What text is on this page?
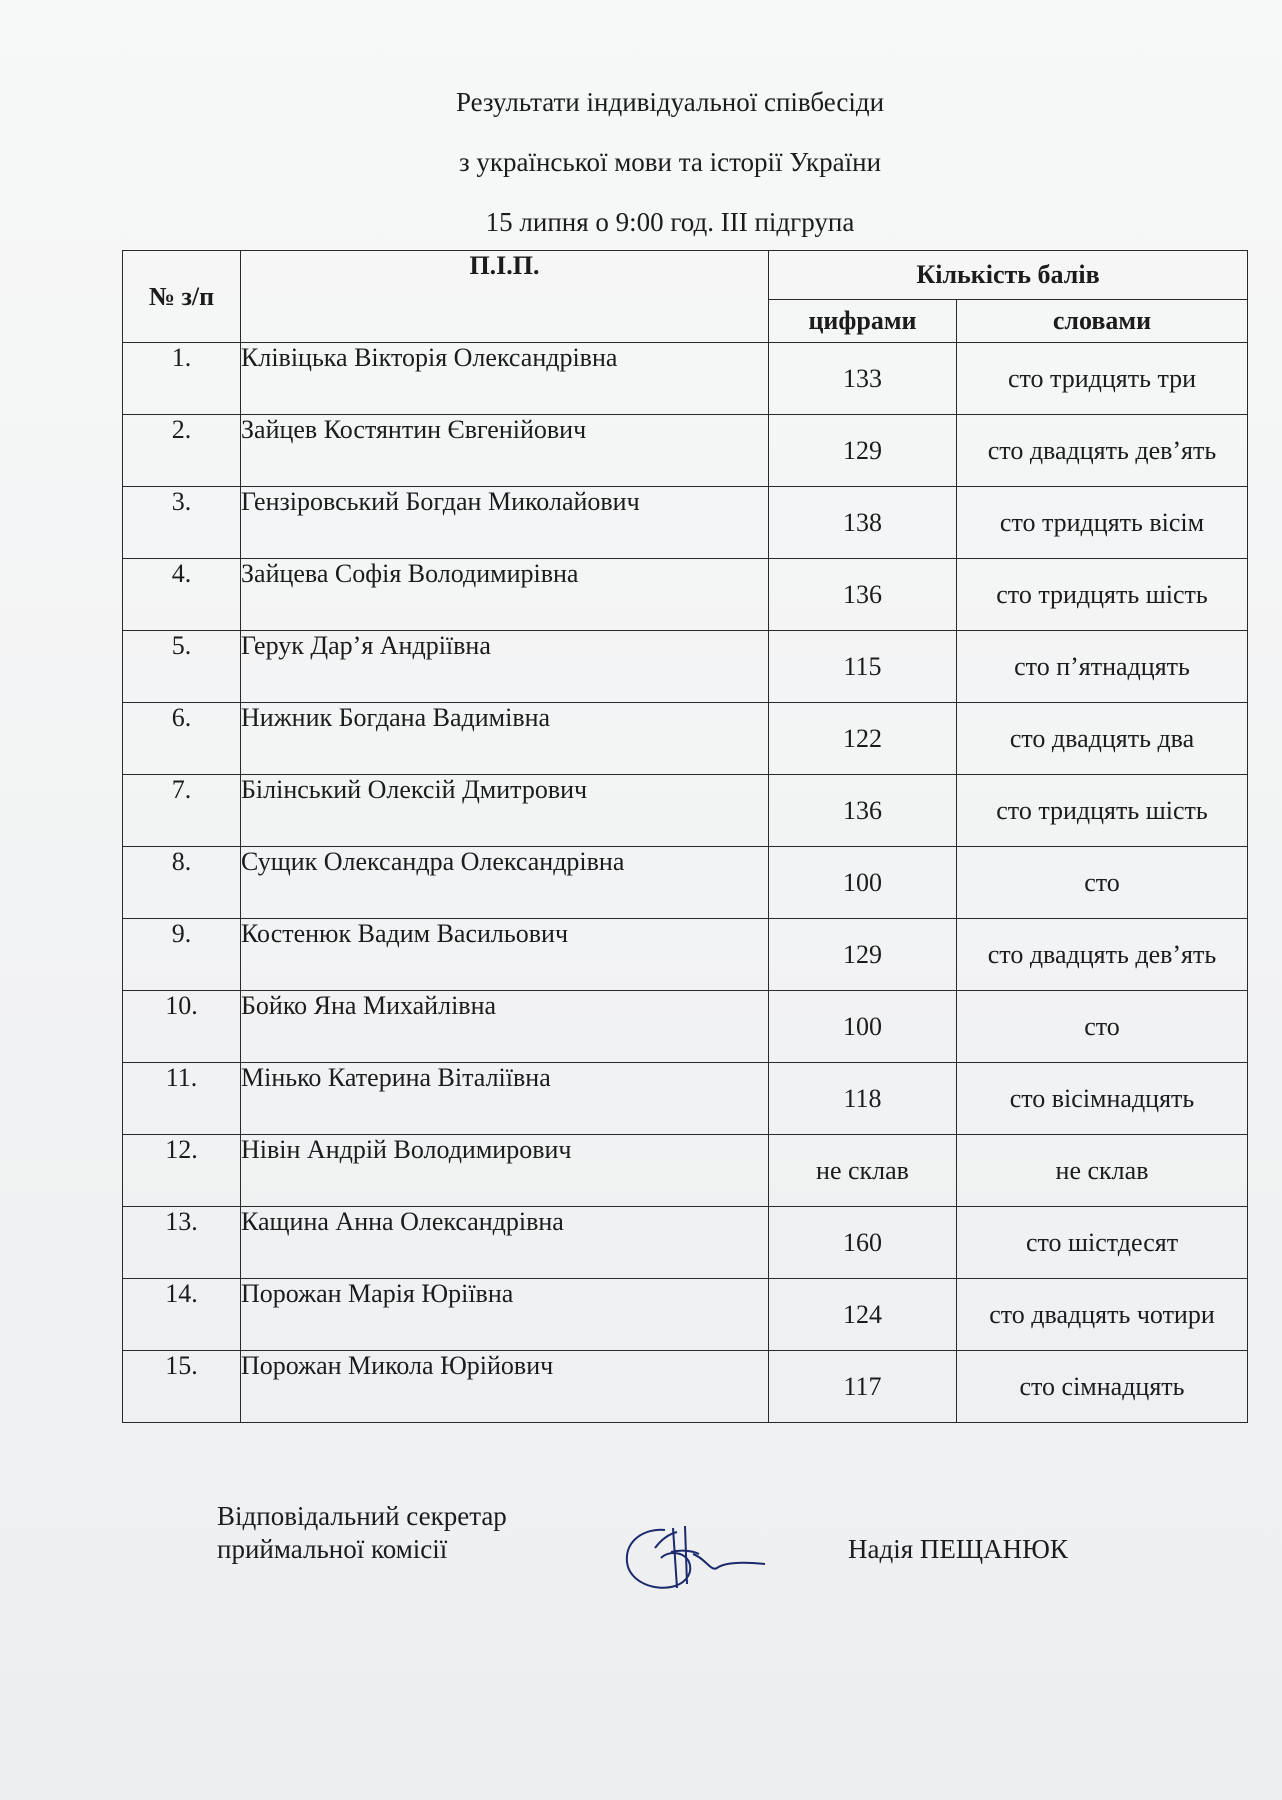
Результати індивідуальної співбесіди
з української мови та історії України
15 липня о 9:00 год. ІІІ підгрупа
№ з/п	П.І.П.	Кількість балів	
		цифрами	словами
1.	Клівіцька Вікторія Олександрівна	133	сто тридцять три
2.	Зайцев Костянтин Євгенійович	129	сто двадцять дев’ять
3.	Гензіровський Богдан Миколайович	138	сто тридцять вісім
4.	Зайцева Софія Володимирівна	136	сто тридцять шість
5.	Герук Дар’я Андріївна	115	сто п’ятнадцять
6.	Нижник Богдана Вадимівна	122	сто двадцять два
7.	Білінський Олексій Дмитрович	136	сто тридцять шість
8.	Сущик Олександра Олександрівна	100	сто
9.	Костенюк Вадим Васильович	129	сто двадцять дев’ять
10.	Бойко Яна Михайлівна	100	сто
11.	Мінько Катерина Віталіївна	118	сто вісімнадцять
12.	Нівін Андрій Володимирович	не склав	не склав
13.	Кащина Анна Олександрівна	160	сто шістдесят
14.	Порожан Марія Юріївна	124	сто двадцять чотири
15.	Порожан Микола Юрійович	117	сто сімнадцять
Відповідальний секретар
приймальної комісії	Надія ПЕЩАНЮК
